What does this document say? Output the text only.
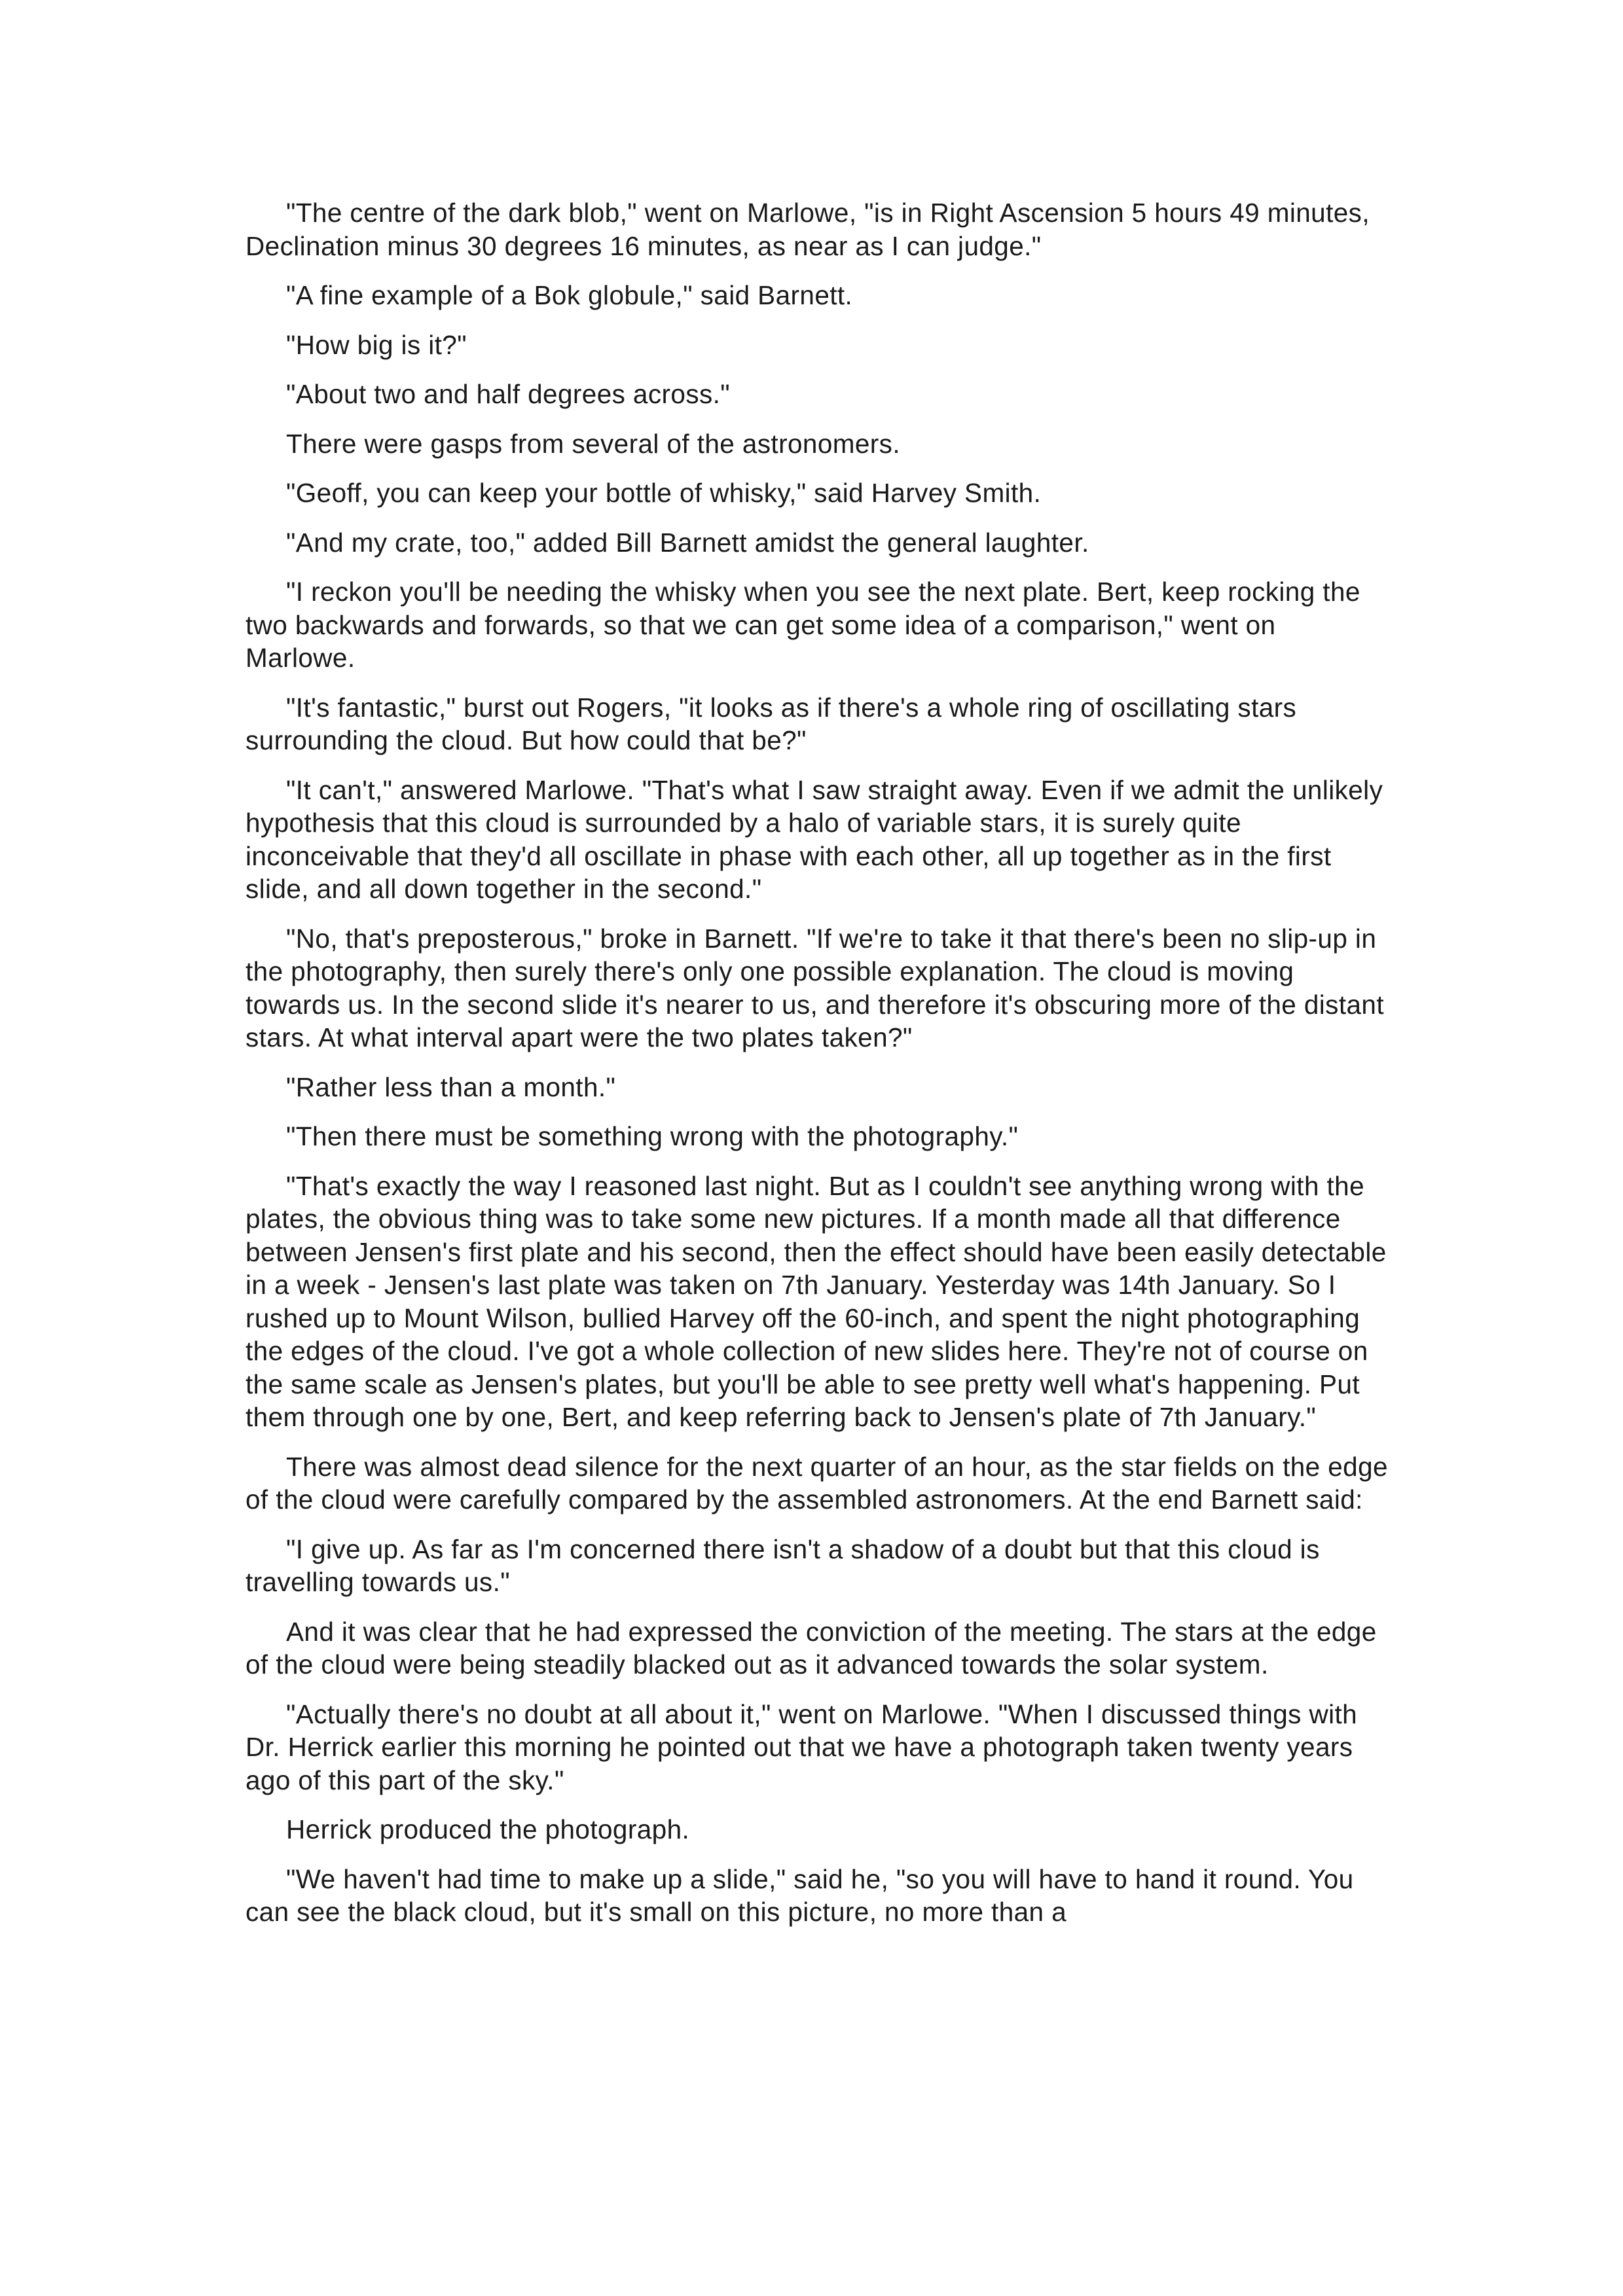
"The centre of the dark blob," went on Marlowe, "is in Right Ascension 5 hours 49 minutes, Declination minus 30 degrees 16 minutes, as near as I can judge."

"A fine example of a Bok globule," said Barnett.

"How big is it?"

"About two and half degrees across."

There were gasps from several of the astronomers.

"Geoff, you can keep your bottle of whisky," said Harvey Smith.

"And my crate, too," added Bill Barnett amidst the general laughter.

"I reckon you'll be needing the whisky when you see the next plate. Bert, keep rocking the two backwards and forwards, so that we can get some idea of a comparison," went on Marlowe.

"It's fantastic," burst out Rogers, "it looks as if there's a whole ring of oscillating stars surrounding the cloud. But how could that be?"

"It can't," answered Marlowe. "That's what I saw straight away. Even if we admit the unlikely hypothesis that this cloud is surrounded by a halo of variable stars, it is surely quite inconceivable that they'd all oscillate in phase with each other, all up together as in the first slide, and all down together in the second."

"No, that's preposterous," broke in Barnett. "If we're to take it that there's been no slip-up in the photography, then surely there's only one possible explanation. The cloud is moving towards us. In the second slide it's nearer to us, and therefore it's obscuring more of the distant stars. At what interval apart were the two plates taken?"

"Rather less than a month."

"Then there must be something wrong with the photography."

"That's exactly the way I reasoned last night. But as I couldn't see anything wrong with the plates, the obvious thing was to take some new pictures. If a month made all that difference between Jensen's first plate and his second, then the effect should have been easily detectable in a week - Jensen's last plate was taken on 7th January. Yesterday was 14th January. So I rushed up to Mount Wilson, bullied Harvey off the 60-inch, and spent the night photographing the edges of the cloud. I've got a whole collection of new slides here. They're not of course on the same scale as Jensen's plates, but you'll be able to see pretty well what's happening. Put them through one by one, Bert, and keep referring back to Jensen's plate of 7th January."

There was almost dead silence for the next quarter of an hour, as the star fields on the edge of the cloud were carefully compared by the assembled astronomers. At the end Barnett said:

"I give up. As far as I'm concerned there isn't a shadow of a doubt but that this cloud is travelling towards us."

And it was clear that he had expressed the conviction of the meeting. The stars at the edge of the cloud were being steadily blacked out as it advanced towards the solar system.

"Actually there's no doubt at all about it," went on Marlowe. "When I discussed things with Dr. Herrick earlier this morning he pointed out that we have a photograph taken twenty years ago of this part of the sky."

Herrick produced the photograph.

"We haven't had time to make up a slide," said he, "so you will have to hand it round. You can see the black cloud, but it's small on this picture, no more than a
